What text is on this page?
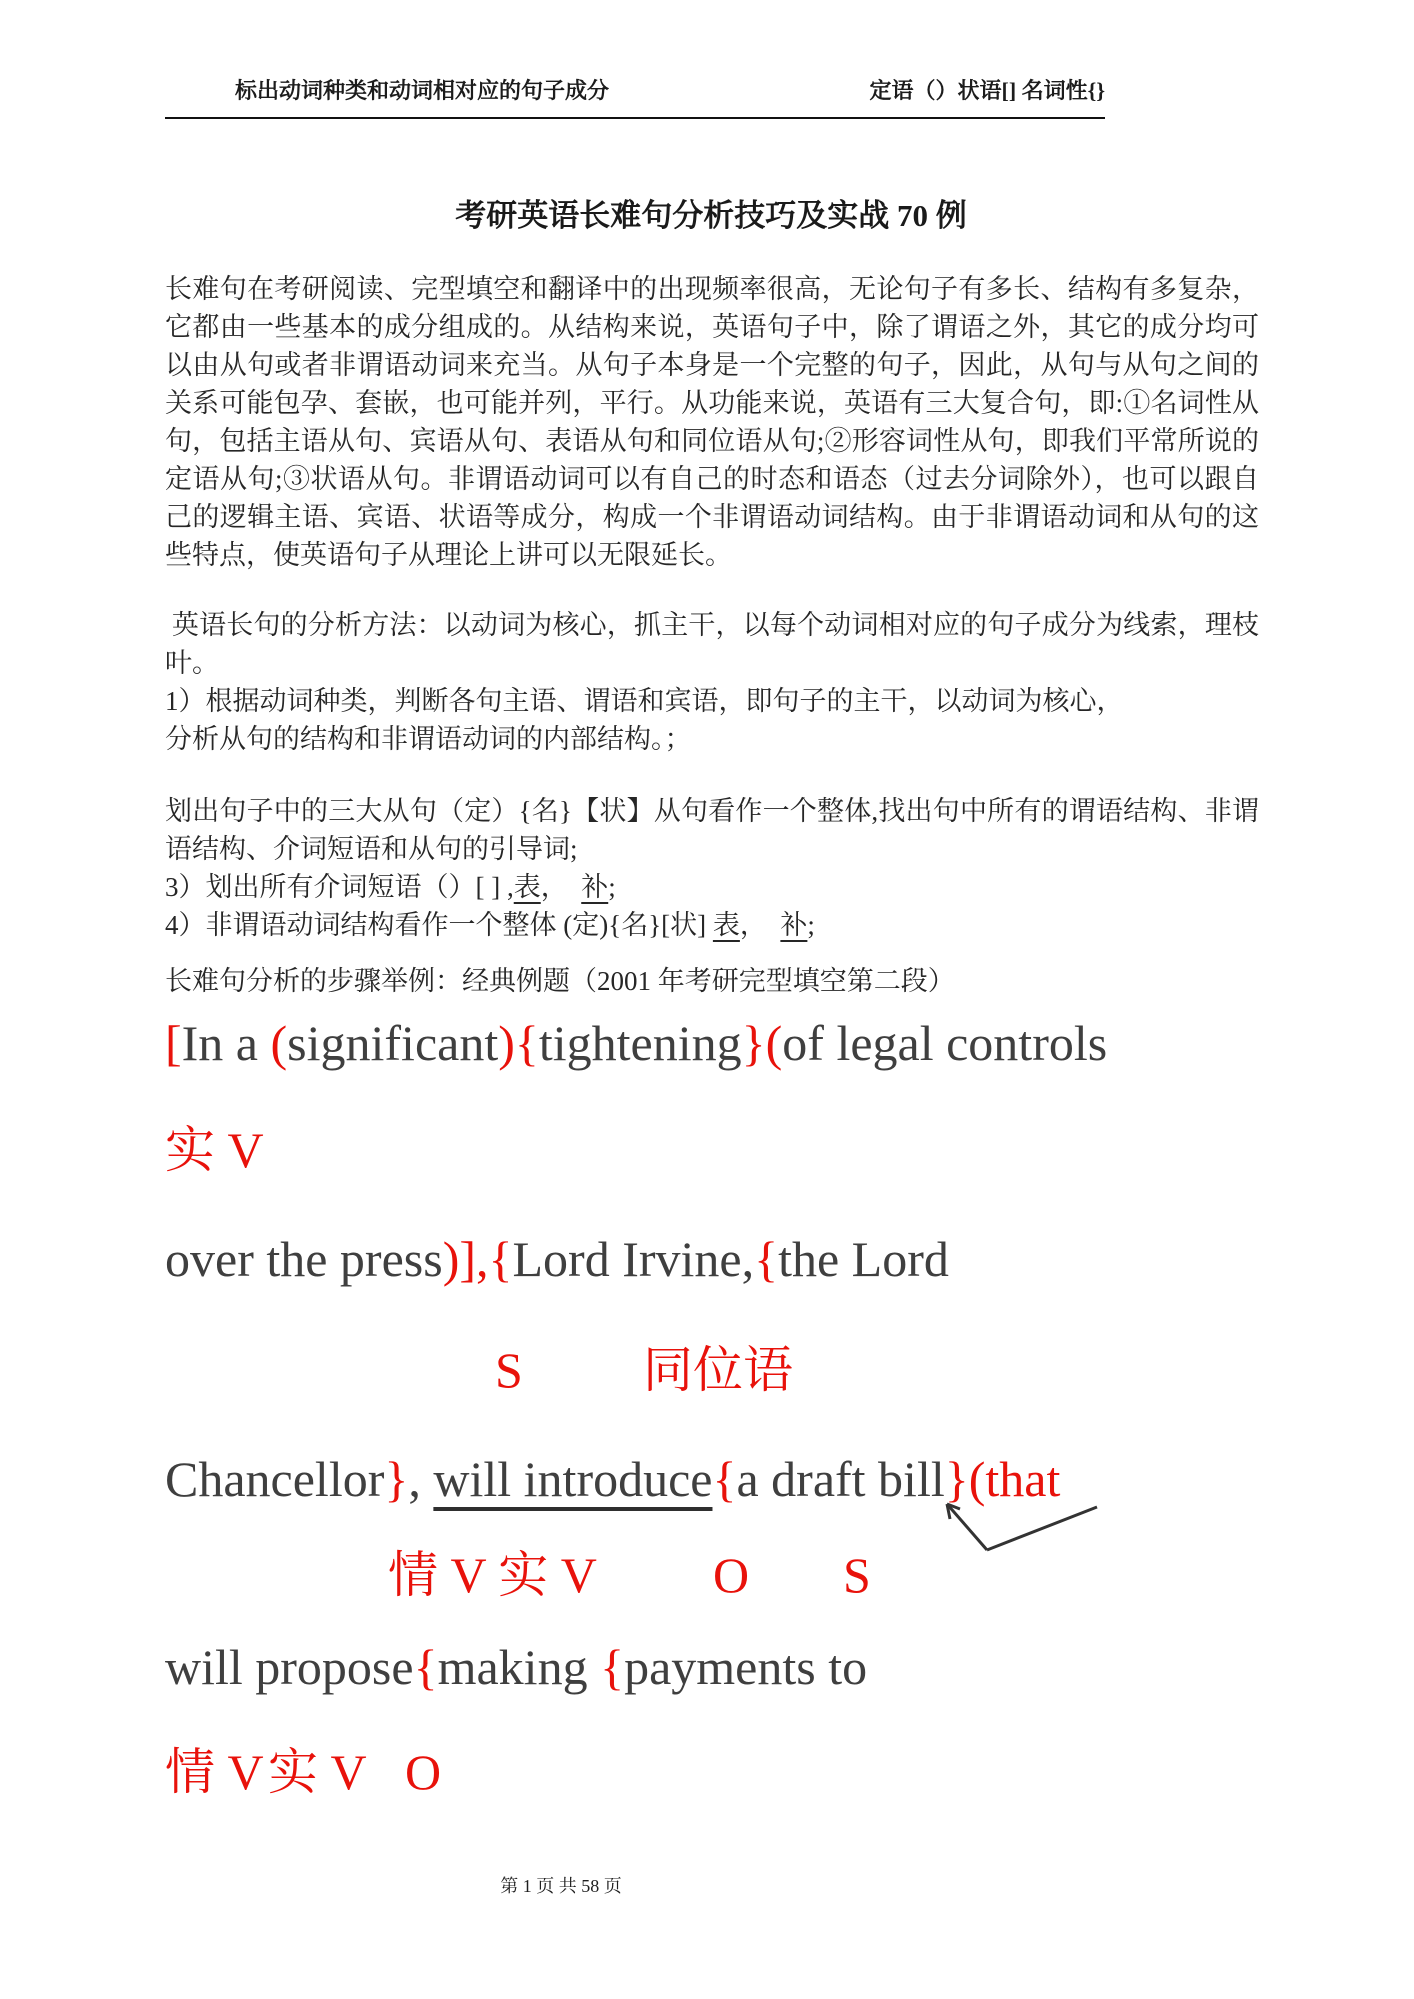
标出动词种类和动词相对应的句子成分	定语（）状语[] 名词性{}
考研英语长难句分析技巧及实战 70 例
长难句在考研阅读、完型填空和翻译中的出现频率很高，无论句子有多长、结构有多复杂，它都由一些基本的成分组成的。从结构来说，英语句子中，除了谓语之外，其它的成分均可以由从句或者非谓语动词来充当。从句子本身是一个完整的句子，因此，从句与从句之间的关系可能包孕、套嵌，也可能并列，平行。从功能来说，英语有三大复合句，即:①名词性从句，包括主语从句、宾语从句、表语从句和同位语从句;②形容词性从句，即我们平常所说的定语从句;③状语从句。非谓语动词可以有自己的时态和语态（过去分词除外），也可以跟自己的逻辑主语、宾语、状语等成分，构成一个非谓语动词结构。由于非谓语动词和从句的这些特点，使英语句子从理论上讲可以无限延长。
英语长句的分析方法：以动词为核心，抓主干，以每个动词相对应的句子成分为线索，理枝叶。
1）根据动词种类，判断各句主语、谓语和宾语，即句子的主干，以动词为核心，
分析从句的结构和非谓语动词的内部结构。；
划出句子中的三大从句（定）{名}【状】从句看作一个整体,找出句中所有的谓语结构、非谓语结构、介词短语和从句的引导词;
3）划出所有介词短语（）[ ] ,表，　补;
4）非谓语动词结构看作一个整体 (定){名}[状] 表，　补;
长难句分析的步骤举例：经典例题（2001 年考研完型填空第二段）
[In a (significant){tightening}(of legal controls
实 V
over the press)],{Lord Irvine,{the Lord
S 同位语
Chancellor}, will introduce{a draft bill}(that
情 V 实 V O S
will propose{making {payments to
情 V 实 V O
第 1 页 共 58 页
